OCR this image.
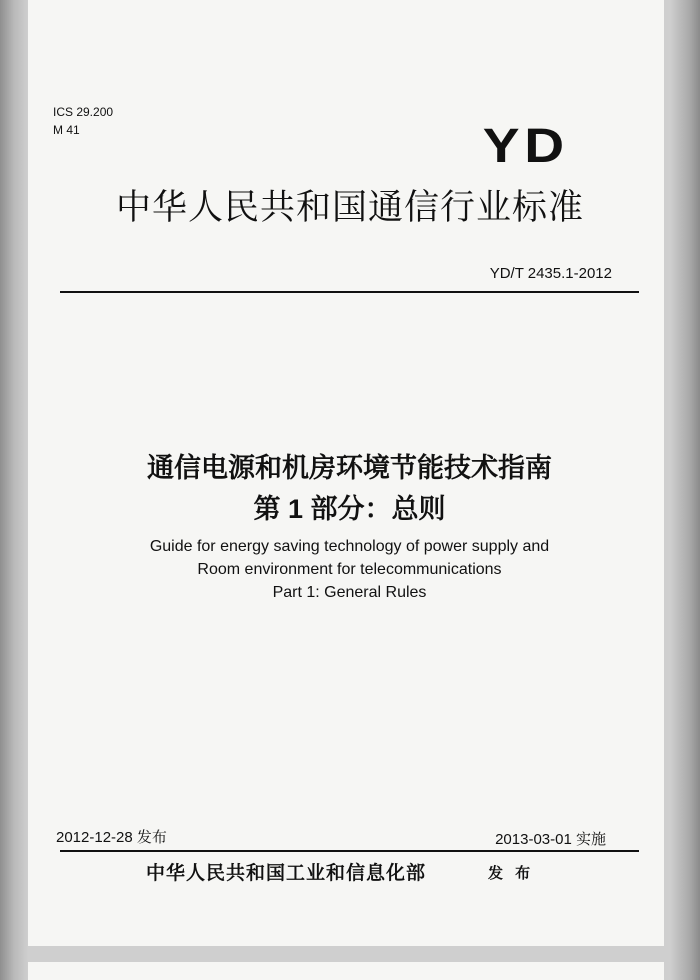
ICS 29.200
M 41	YD
中华人民共和国通信行业标准
YD/T 2435.1-2012
通信电源和机房环境节能技术指南
第 1 部分：总则
Guide for energy saving technology of power supply and
Room environment for telecommunications
Part 1: General Rules
2012-12-28 发布	2013-03-01 实施
中华人民共和国工业和信息化部	发 布
